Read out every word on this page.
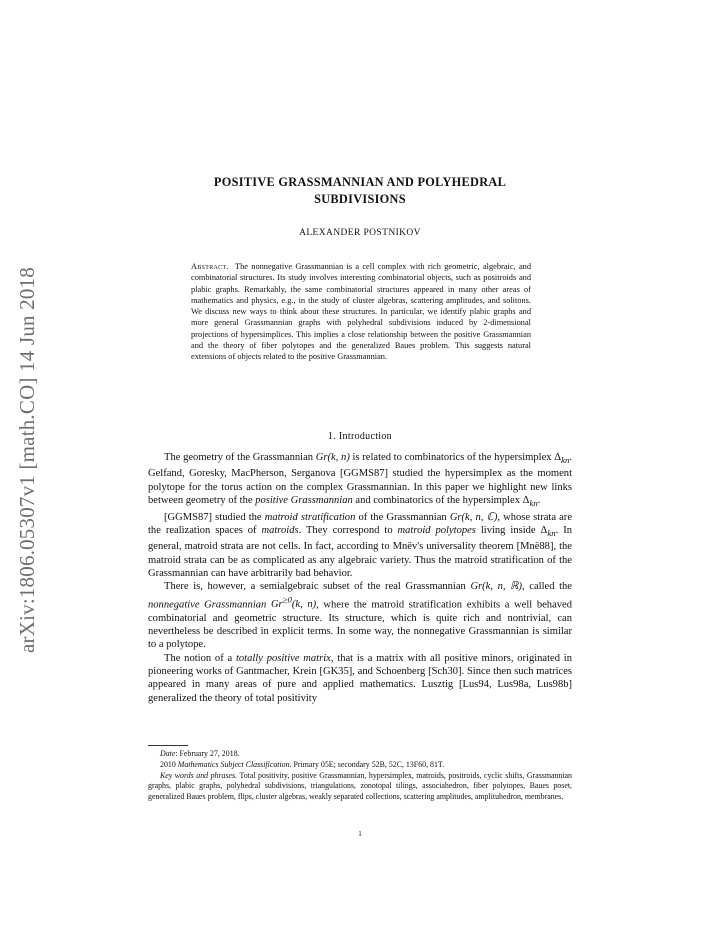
arXiv:1806.05307v1 [math.CO] 14 Jun 2018
POSITIVE GRASSMANNIAN AND POLYHEDRAL
SUBDIVISIONS
ALEXANDER POSTNIKOV
Abstract. The nonnegative Grassmannian is a cell complex with rich geometric, algebraic, and combinatorial structures. Its study involves interesting combinatorial objects, such as positroids and plabic graphs. Remarkably, the same combinatorial structures appeared in many other areas of mathematics and physics, e.g., in the study of cluster algebras, scattering amplitudes, and solitons. We discuss new ways to think about these structures. In particular, we identify plabic graphs and more general Grassmannian graphs with polyhedral subdivisions induced by 2-dimensional projections of hypersimplices. This implies a close relationship between the positive Grassmannian and the theory of fiber polytopes and the generalized Baues problem. This suggests natural extensions of objects related to the positive Grassmannian.
1. Introduction

The geometry of the Grassmannian Gr(k, n) is related to combinatorics of the hypersimplex $\Delta_{kn}$. Gelfand, Goresky, MacPherson, Serganova [GGMS87] studied the hypersimplex as the moment polytope for the torus action on the complex Grassmannian. In this paper we highlight new links between geometry of the positive Grassmannian and combinatorics of the hypersimplex $\Delta_{kn}$.

[GGMS87] studied the matroid stratification of the Grassmannian Gr(k, n, ℂ), whose strata are the realization spaces of matroids. They correspond to matroid polytopes living inside $\Delta_{kn}$. In general, matroid strata are not cells. In fact, according to Mnëv's universality theorem [Mnë88], the matroid strata can be as complicated as any algebraic variety. Thus the matroid stratification of the Grassmannian can have arbitrarily bad behavior.

There is, however, a semialgebraic subset of the real Grassmannian Gr(k, n, ℝ), called the nonnegative Grassmannian $Gr^{\ge 0}(k$, n), where the matroid stratification exhibits a well behaved combinatorial and geometric structure. Its structure, which is quite rich and nontrivial, can nevertheless be described in explicit terms. In some way, the nonnegative Grassmannian is similar to a polytope.

The notion of a totally positive matrix, that is a matrix with all positive minors, originated in pioneering works of Gantmacher, Krein [GK35], and Schoenberg [Sch30]. Since then such matrices appeared in many areas of pure and applied mathematics. Lusztig [Lus94, Lus98a, Lus98b] generalized the theory of total positivity

Date: February 27, 2018.

2010 Mathematics Subject Classification. Primary 05E; secondary 52B, 52C, 13F60, 81T.

Key words and phrases. Total positivity, positive Grassmannian, hypersimplex, matroids, positroids, cyclic shifts, Grassmannian graphs, plabic graphs, polyhedral subdivisions, triangulations, zonotopal tilings, associahedron, fiber polytopes, Baues poset, generalized Baues problem, flips, cluster algebras, weakly separated collections, scattering amplitudes, amplituhedron, membranes.

1
